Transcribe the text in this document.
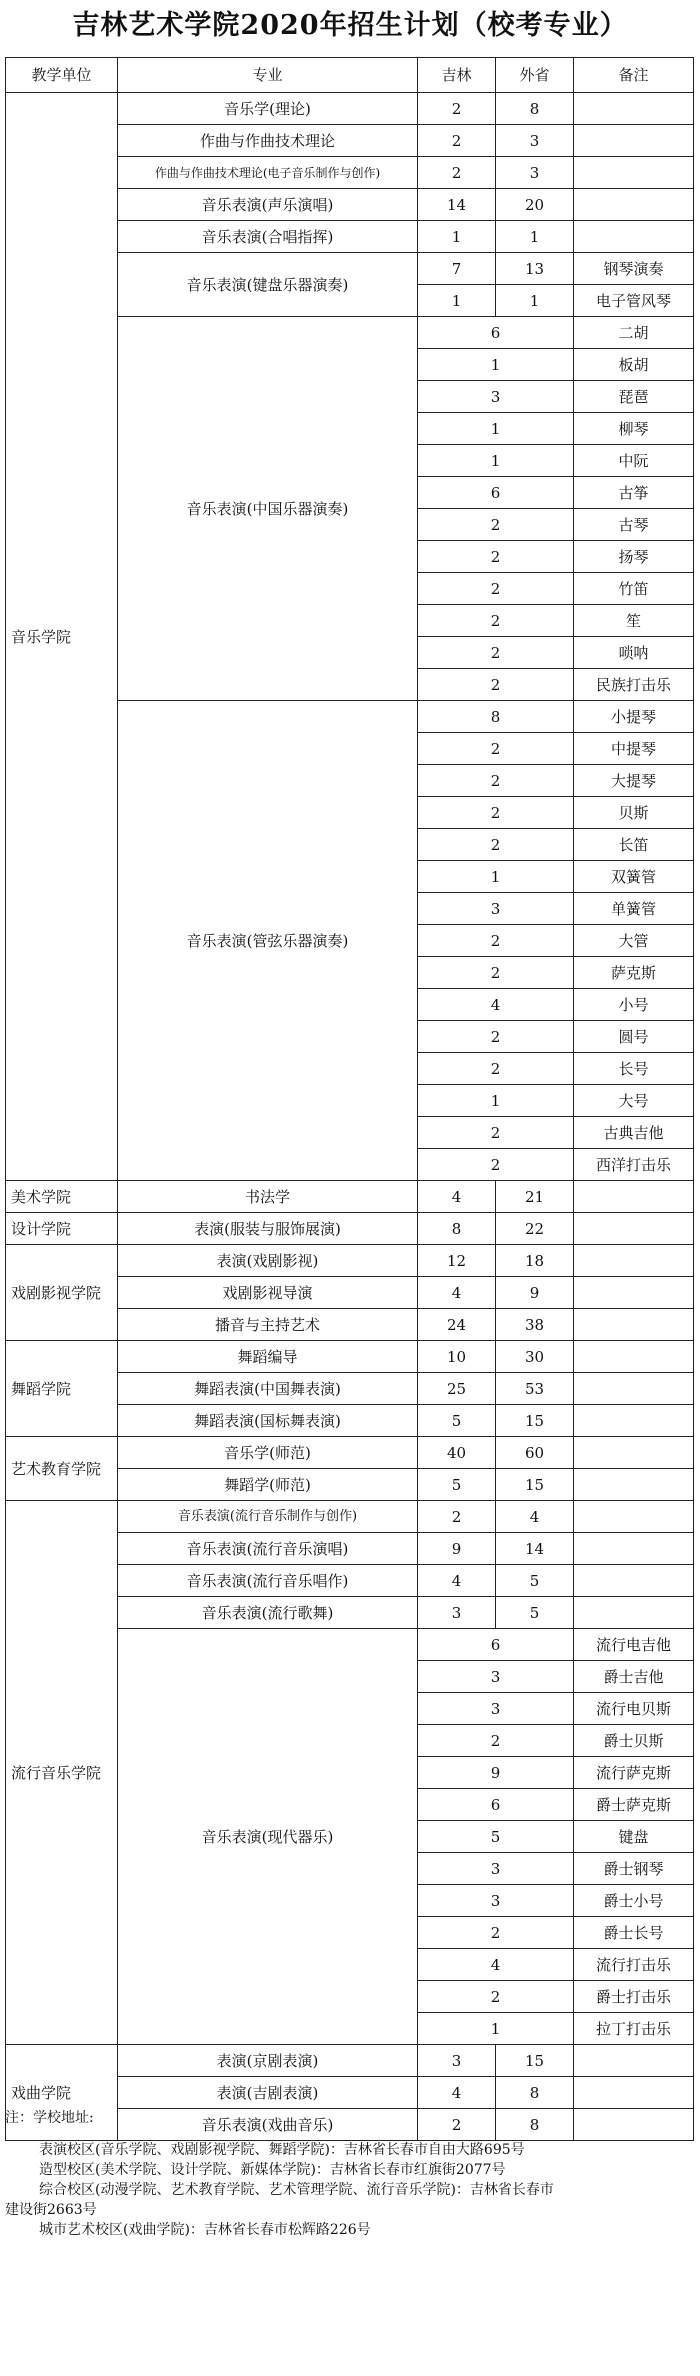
吉林艺术学院2020年招生计划（校考专业）
教学单位	专业	吉林	外省	备注
音乐学院	音乐学(理论)	2	8	
	作曲与作曲技术理论	2	3	
	作曲与作曲技术理论(电子音乐制作与创作)	2	3	
	音乐表演(声乐演唱)	14	20	
	音乐表演(合唱指挥)	1	1	
	音乐表演(键盘乐器演奏)	7	13	钢琴演奏
		1	1	电子管风琴
	音乐表演(中国乐器演奏)	6		二胡
		1		板胡
		3		琵琶
		1		柳琴
		1		中阮
		6		古筝
		2		古琴
		2		扬琴
		2		竹笛
		2		笙
		2		唢呐
		2		民族打击乐
	音乐表演(管弦乐器演奏)	8		小提琴
		2		中提琴
		2		大提琴
		2		贝斯
		2		长笛
		1		双簧管
		3		单簧管
		2		大管
		2		萨克斯
		4		小号
		2		圆号
		2		长号
		1		大号
		2		古典吉他
		2		西洋打击乐
美术学院	书法学	4	21	
设计学院	表演(服装与服饰展演)	8	22	
戏剧影视学院	表演(戏剧影视)	12	18	
	戏剧影视导演	4	9	
	播音与主持艺术	24	38	
舞蹈学院	舞蹈编导	10	30	
	舞蹈表演(中国舞表演)	25	53	
	舞蹈表演(国标舞表演)	5	15	
艺术教育学院	音乐学(师范)	40	60	
	舞蹈学(师范)	5	15	
流行音乐学院	音乐表演(流行音乐制作与创作)	2	4	
	音乐表演(流行音乐演唱)	9	14	
	音乐表演(流行音乐唱作)	4	5	
	音乐表演(流行歌舞)	3	5	
	音乐表演(现代器乐)	6		流行电吉他
		3		爵士吉他
		3		流行电贝斯
		2		爵士贝斯
		9		流行萨克斯
		6		爵士萨克斯
		5		键盘
		3		爵士钢琴
		3		爵士小号
		2		爵士长号
		4		流行打击乐
		2		爵士打击乐
		1		拉丁打击乐
戏曲学院	表演(京剧表演)	3	15	
	表演(吉剧表演)	4	8	
	音乐表演(戏曲音乐)	2	8	
注：学校地址:
表演校区(音乐学院、戏剧影视学院、舞蹈学院)：吉林省长春市自由大路695号
造型校区(美术学院、设计学院、新媒体学院)：吉林省长春市红旗街2077号
综合校区(动漫学院、艺术教育学院、艺术管理学院、流行音乐学院)：吉林省长春市
建设街2663号
城市艺术校区(戏曲学院)：吉林省长春市松辉路226号
